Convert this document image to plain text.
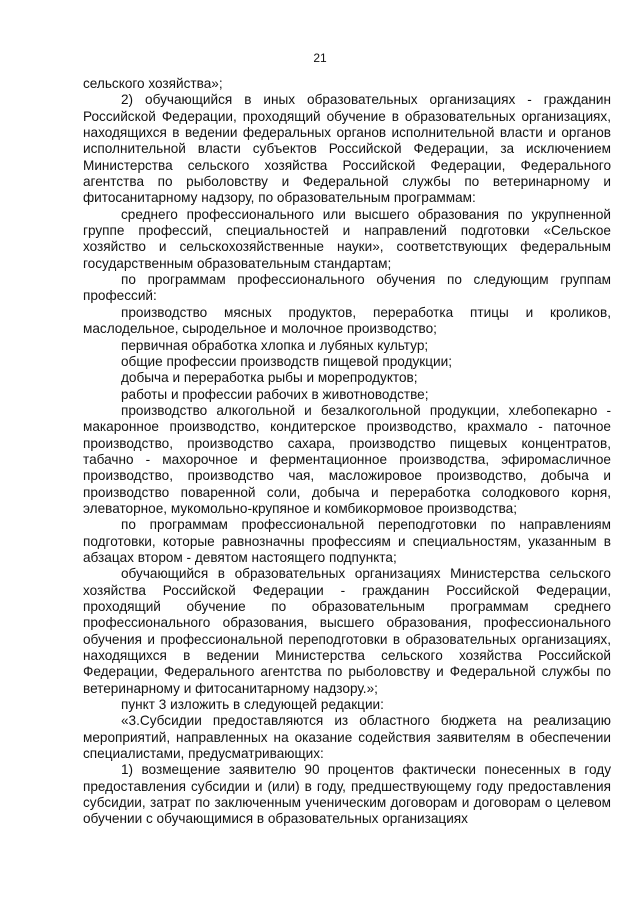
21

сельского хозяйства»;

2) обучающийся в иных образовательных организациях - гражданин Российской Федерации, проходящий обучение в образовательных организациях, находящихся в ведении федеральных органов исполнительной власти и органов исполнительной власти субъектов Российской Федерации, за исключением Министерства сельского хозяйства Российской Федерации, Федерального агентства по рыболовству и Федеральной службы по ветеринарному и фитосанитарному надзору, по образовательным программам:

среднего профессионального или высшего образования по укрупненной группе профессий, специальностей и направлений подготовки «Сельское хозяйство и сельскохозяйственные науки», соответствующих федеральным государственным образовательным стандартам;

по программам профессионального обучения по следующим группам профессий:

производство мясных продуктов, переработка птицы и кроликов, маслодельное, сыродельное и молочное производство;

первичная обработка хлопка и лубяных культур;

общие профессии производств пищевой продукции;

добыча и переработка рыбы и морепродуктов;

работы и профессии рабочих в животноводстве;

производство алкогольной и безалкогольной продукции, хлебопекарно - макаронное производство, кондитерское производство, крахмало - паточное производство, производство сахара, производство пищевых концентратов, табачно - махорочное и ферментационное производства, эфиромасличное производство, производство чая, масложировое производство, добыча и производство поваренной соли, добыча и переработка солодкового корня, элеваторное, мукомольно-крупяное и комбикормовое производства;

по программам профессиональной переподготовки по направлениям подготовки, которые равнозначны профессиям и специальностям, указанным в абзацах втором - девятом настоящего подпункта;

обучающийся в образовательных организациях Министерства сельского хозяйства Российской Федерации - гражданин Российской Федерации, проходящий обучение по образовательным программам среднего профессионального образования, высшего образования, профессионального обучения и профессиональной переподготовки в образовательных организациях, находящихся в ведении Министерства сельского хозяйства Российской Федерации, Федерального агентства по рыболовству и Федеральной службы по ветеринарному и фитосанитарному надзору.»;

пункт 3 изложить в следующей редакции:

«3.Субсидии предоставляются из областного бюджета на реализацию мероприятий, направленных на оказание содействия заявителям в обеспечении специалистами, предусматривающих:

1) возмещение заявителю 90 процентов фактически понесенных в году предоставления субсидии и (или) в году, предшествующему году предоставления субсидии, затрат по заключенным ученическим договорам и договорам о целевом обучении с обучающимися в образовательных организациях
